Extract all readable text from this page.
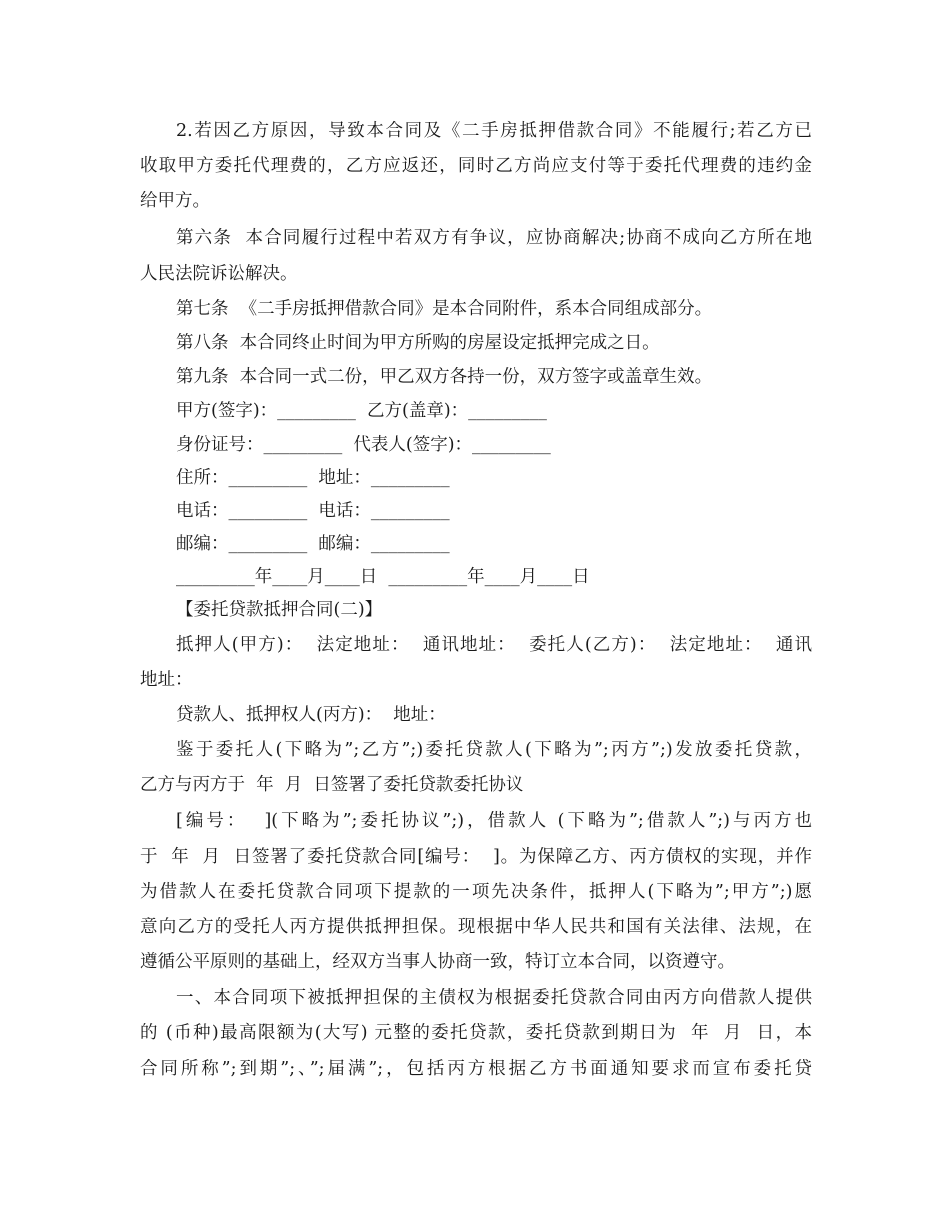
2.若因乙方原因，导致本合同及《二手房抵押借款合同》不能履行;若乙方已
收取甲方委托代理费的，乙方应返还，同时乙方尚应支付等于委托代理费的违约金
给甲方。
第六条  本合同履行过程中若双方有争议，应协商解决;协商不成向乙方所在地
人民法院诉讼解决。
第七条  《二手房抵押借款合同》是本合同附件，系本合同组成部分。
第八条  本合同终止时间为甲方所购的房屋设定抵押完成之日。
第九条  本合同一式二份，甲乙双方各持一份，双方签字或盖章生效。
甲方(签字)：_________  乙方(盖章)：_________
身份证号：_________  代表人(签字)：_________
住所：_________  地址：_________
电话：_________  电话：_________
邮编：_________  邮编：_________
_________年____月____日  _________年____月____日
【委托贷款抵押合同(二)】
抵押人(甲方)：  法定地址：  通讯地址：  委托人(乙方)：  法定地址：  通讯
地址：
贷款人、抵押权人(丙方)：  地址：
鉴于委托人(下略为”;乙方”;)委托贷款人(下略为”;丙方”;)发放委托贷款，
乙方与丙方于  年  月  日签署了委托贷款委托协议
[编号：  ](下略为”;委托协议”;)，借款人 (下略为”;借款人”;)与丙方也
于  年  月  日签署了委托贷款合同[编号：  ]。为保障乙方、丙方债权的实现，并作
为借款人在委托贷款合同项下提款的一项先决条件，抵押人(下略为”;甲方”;)愿
意向乙方的受托人丙方提供抵押担保。现根据中华人民共和国有关法律、法规，在
遵循公平原则的基础上，经双方当事人协商一致，特订立本合同，以资遵守。
一、本合同项下被抵押担保的主债权为根据委托贷款合同由丙方向借款人提供
的 (币种)最高限额为(大写) 元整的委托贷款，委托贷款到期日为  年  月  日，本
合同所称”;到期”;、”;届满”;，包括丙方根据乙方书面通知要求而宣布委托贷
